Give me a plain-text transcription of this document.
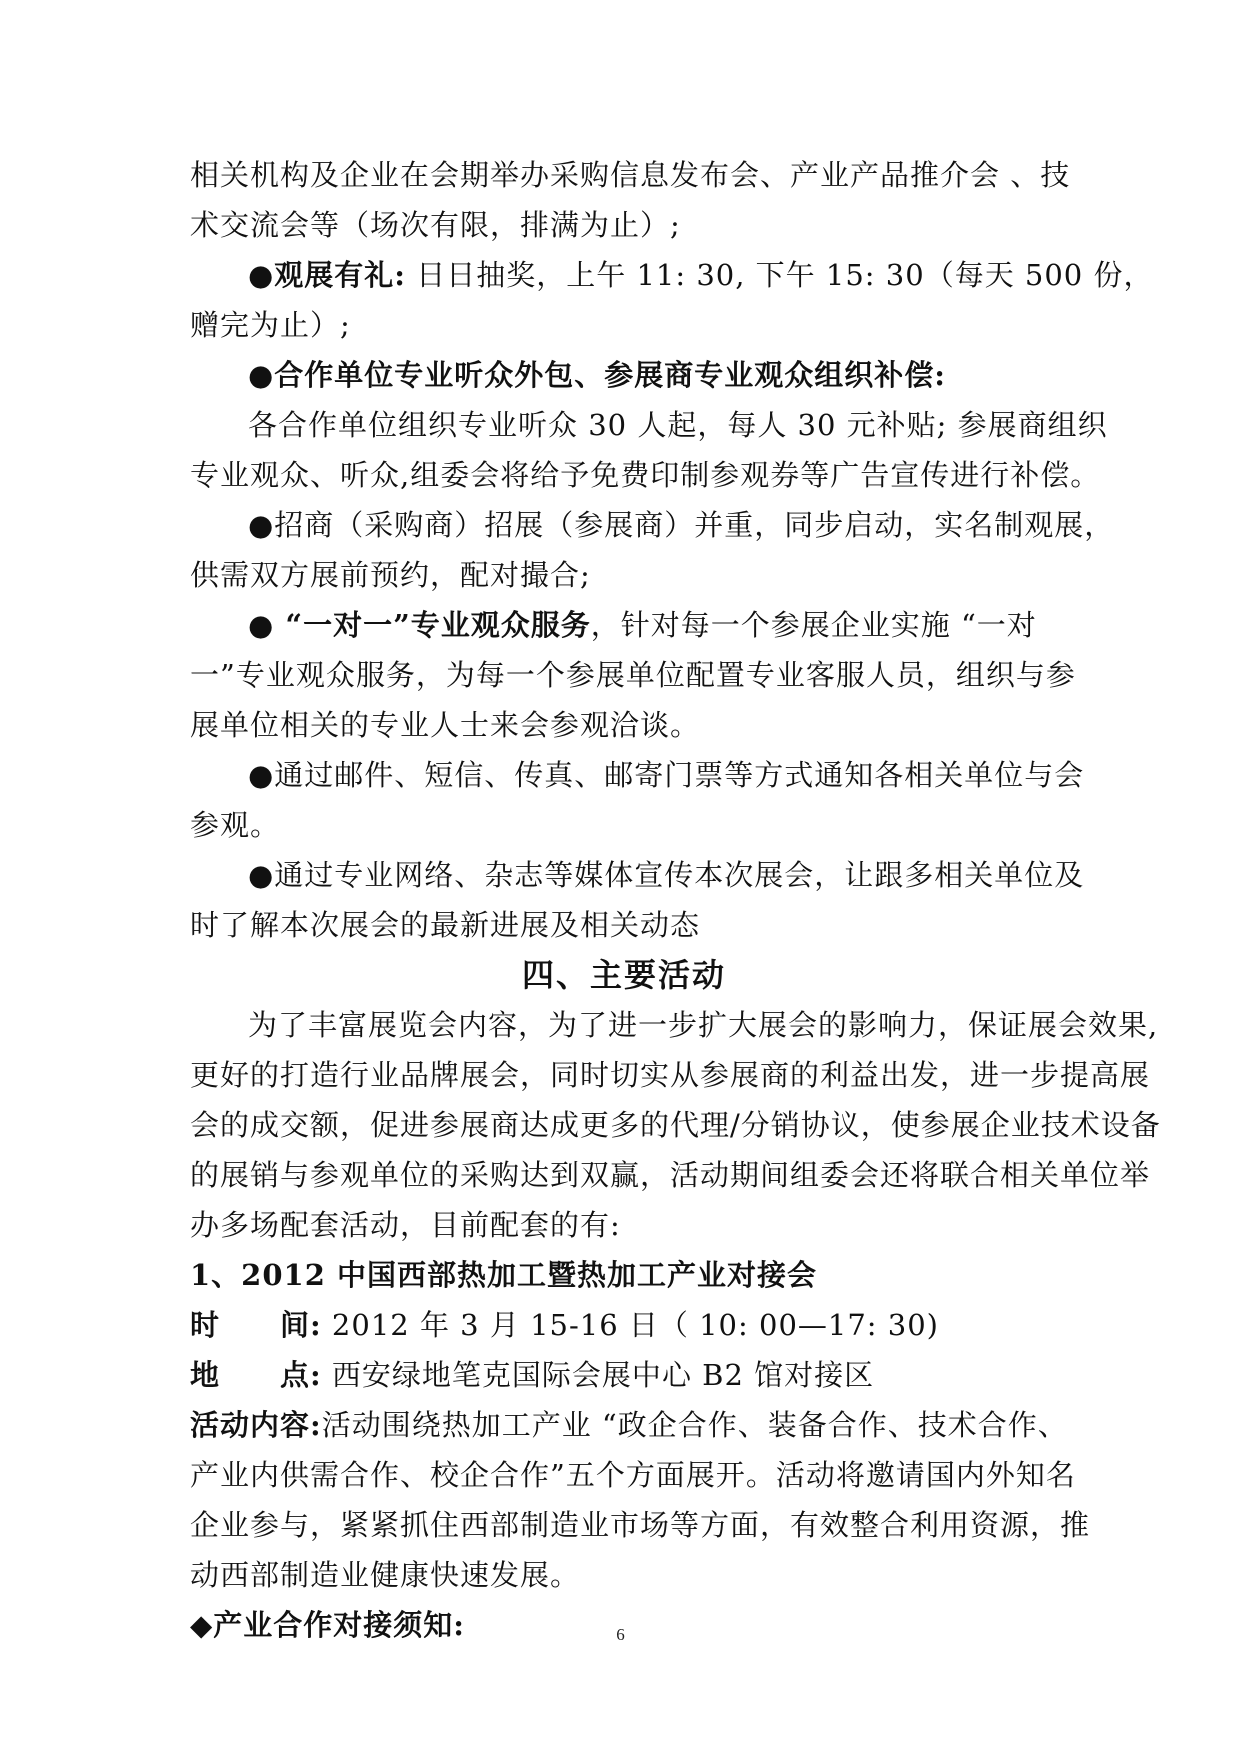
相关机构及企业在会期举办采购信息发布会、产业产品推介会 、技
术交流会等（场次有限，排满为止）;
●观展有礼: 日日抽奖，上午 11: 30, 下午 15: 30（每天 500 份，
赠完为止）;
●合作单位专业听众外包、参展商专业观众组织补偿:
各合作单位组织专业听众 30 人起，每人 30 元补贴; 参展商组织
专业观众、听众,组委会将给予免费印制参观券等广告宣传进行补偿。
●招商（采购商）招展（参展商）并重，同步启动，实名制观展，
供需双方展前预约，配对撮合;
● “一对一”专业观众服务，针对每一个参展企业实施 “一对
一”专业观众服务，为每一个参展单位配置专业客服人员，组织与参
展单位相关的专业人士来会参观洽谈。
●通过邮件、短信、传真、邮寄门票等方式通知各相关单位与会
参观。
●通过专业网络、杂志等媒体宣传本次展会，让跟多相关单位及
时了解本次展会的最新进展及相关动态
四、主要活动
为了丰富展览会内容，为了进一步扩大展会的影响力，保证展会效果,
更好的打造行业品牌展会，同时切实从参展商的利益出发，进一步提高展
会的成交额，促进参展商达成更多的代理/分销协议，使参展企业技术设备
的展销与参观单位的采购达到双赢，活动期间组委会还将联合相关单位举
办多场配套活动，目前配套的有:
1、2012 中国西部热加工暨热加工产业对接会
时　　间: 2012 年 3 月 15-16 日（ 10: 00—17: 30)
地　　点: 西安绿地笔克国际会展中心 B2 馆对接区
活动内容:活动围绕热加工产业 “政企合作、装备合作、技术合作、
产业内供需合作、校企合作”五个方面展开。活动将邀请国内外知名
企业参与，紧紧抓住西部制造业市场等方面，有效整合利用资源，推
动西部制造业健康快速发展。
◆产业合作对接须知:	6
